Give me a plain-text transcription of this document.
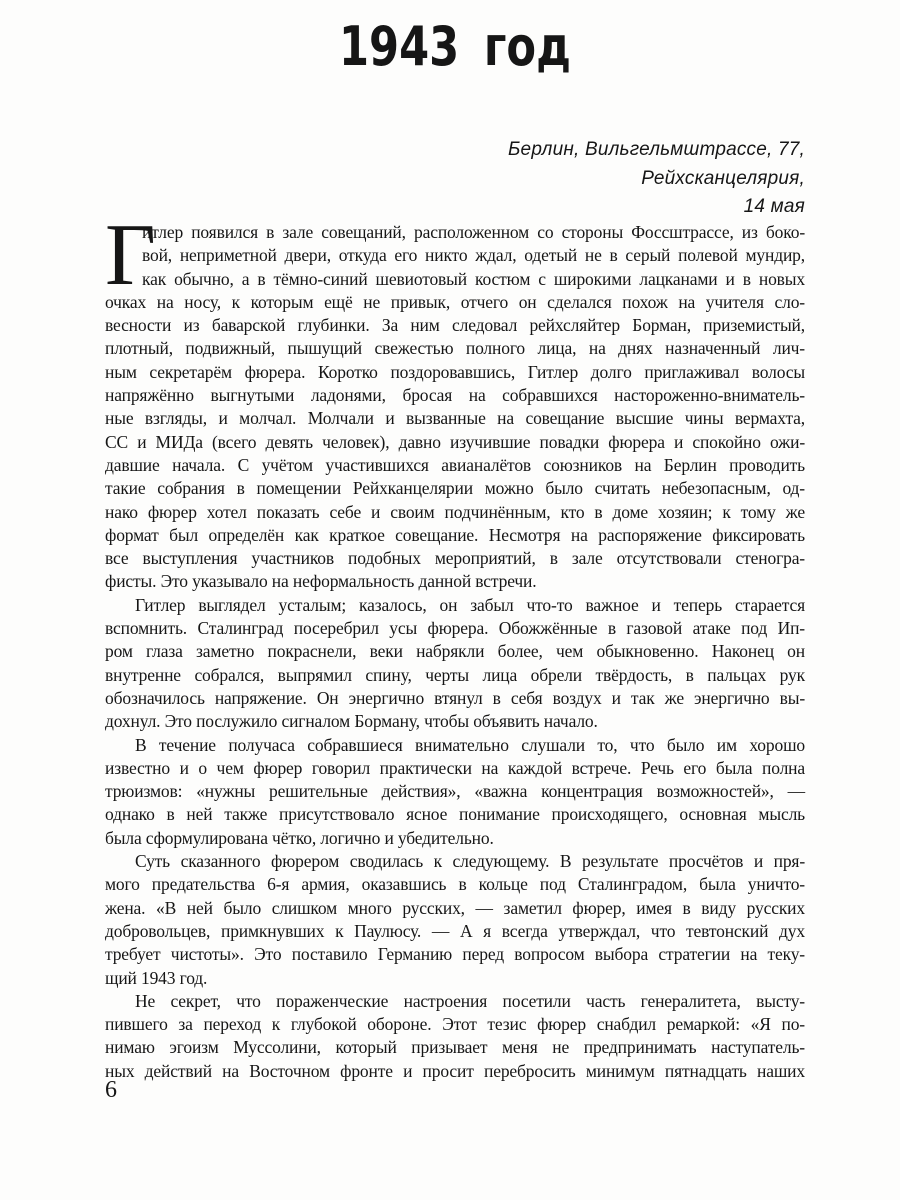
1943 год
Берлин, Вильгельмштрассе, 77,
Рейхсканцелярия,
14 мая
Г
итлер появился в зале совещаний, расположенном со стороны Фоссштрассе, из боко-
вой, неприметной двери, откуда его никто ждал, одетый не в серый полевой мундир,
как обычно, а в тёмно-синий шевиотовый костюм с широкими лацканами и в новых
очках на носу, к которым ещё не привык, отчего он сделался похож на учителя сло-
весности из баварской глубинки. За ним следовал рейхсляйтер Борман, приземистый,
плотный, подвижный, пышущий свежестью полного лица, на днях назначенный лич-
ным секретарём фюрера. Коротко поздоровавшись, Гитлер долго приглаживал волосы
напряжённо выгнутыми ладонями, бросая на собравшихся настороженно-вниматель-
ные взгляды, и молчал. Молчали и вызванные на совещание высшие чины вермахта,
СС и МИДа (всего девять человек), давно изучившие повадки фюрера и спокойно ожи-
давшие начала. С учётом участившихся авианалётов союзников на Берлин проводить
такие собрания в помещении Рейхканцелярии можно было считать небезопасным, од-
нако фюрер хотел показать себе и своим подчинённым, кто в доме хозяин; к тому же
формат был определён как краткое совещание. Несмотря на распоряжение фиксировать
все выступления участников подобных мероприятий, в зале отсутствовали стеногра-
фисты. Это указывало на неформальность данной встречи.
Гитлер выглядел усталым; казалось, он забыл что-то важное и теперь старается
вспомнить. Сталинград посеребрил усы фюрера. Обожжённые в газовой атаке под Ип-
ром глаза заметно покраснели, веки набрякли более, чем обыкновенно. Наконец он
внутренне собрался, выпрямил спину, черты лица обрели твёрдость, в пальцах рук
обозначилось напряжение. Он энергично втянул в себя воздух и так же энергично вы-
дохнул. Это послужило сигналом Борману, чтобы объявить начало.
В течение получаса собравшиеся внимательно слушали то, что было им хорошо
известно и о чем фюрер говорил практически на каждой встрече. Речь его была полна
трюизмов: «нужны решительные действия», «важна концентрация возможностей», —
однако в ней также присутствовало ясное понимание происходящего, основная мысль
была сформулирована чётко, логично и убедительно.
Суть сказанного фюрером сводилась к следующему. В результате просчётов и пря-
мого предательства 6-я армия, оказавшись в кольце под Сталинградом, была уничто-
жена. «В ней было слишком много русских, — заметил фюрер, имея в виду русских
добровольцев, примкнувших к Паулюсу. — А я всегда утверждал, что тевтонский дух
требует чистоты». Это поставило Германию перед вопросом выбора стратегии на теку-
щий 1943 год.
Не секрет, что пораженческие настроения посетили часть генералитета, высту-
пившего за переход к глубокой обороне. Этот тезис фюрер снабдил ремаркой: «Я по-
нимаю эгоизм Муссолини, который призывает меня не предпринимать наступатель-
ных действий на Восточном фронте и просит перебросить минимум пятнадцать наших
6
